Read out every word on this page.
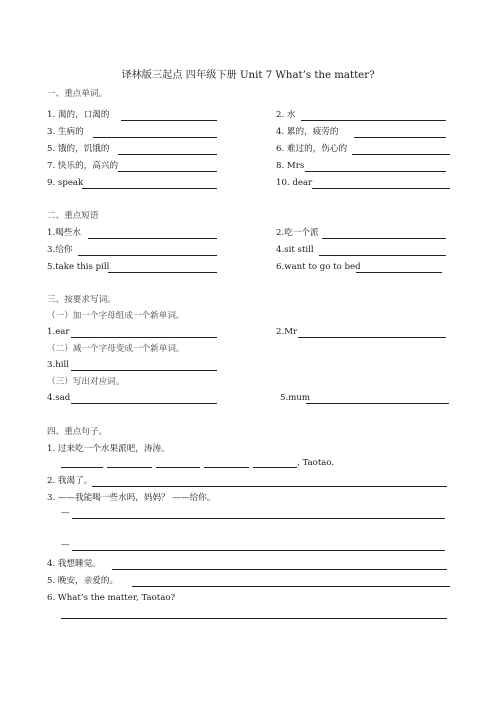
译林版三起点 四年级下册 Unit 7 What’s the matter?
一、重点单词。
1. 渴的，口渴的	2. 水
3. 生病的	4. 累的，疲劳的
5. 饿的，饥饿的	6. 难过的，伤心的
7. 快乐的，高兴的	8. Mrs
9. speak	10. dear
二、重点短语
1.喝些水	2.吃一个派
3.给你	4.sit still
5.take this pill	6.want to go to bed
三、按要求写词。
（一）加一个字母组成一个新单词。
1.ear	2.Mr
（二）减一个字母变成一个新单词。
3.hill
（三）写出对应词。
4.sad	5.mum
四、重点句子。
1. 过来吃一个水果派吧，涛涛。
, Taotao.
2. 我渴了。
3. ——我能喝一些水吗，妈妈？ ——给你。
—
—
4. 我想睡觉。
5. 晚安，亲爱的。
6. What’s the matter, Taotao?
